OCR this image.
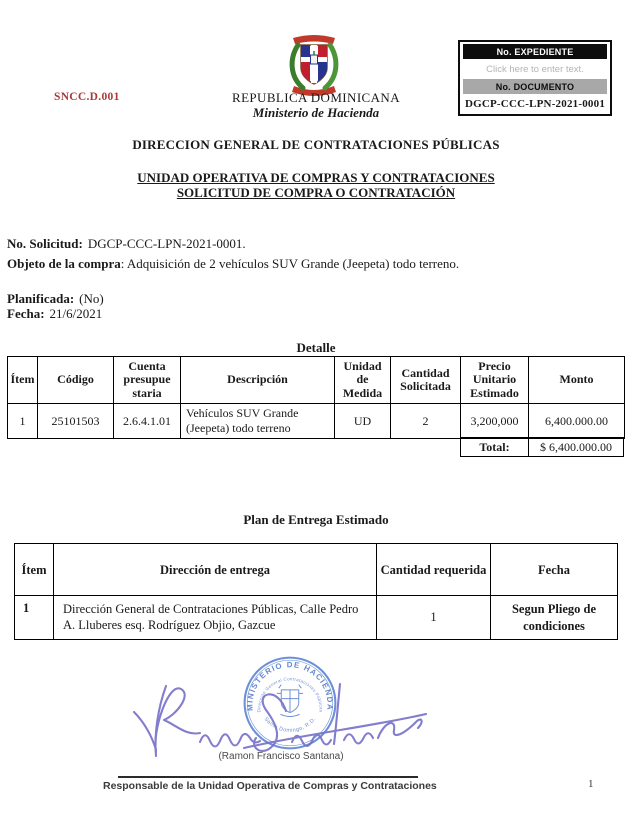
No. EXPEDIENTE
Click here to enter text.
No. DOCUMENTO
DGCP-CCC-LPN-2021-0001
SNCC.D.001	REPUBLICA DOMINICANA
Ministerio de Hacienda
DIRECCION GENERAL DE CONTRATACIONES PÚBLICAS
UNIDAD OPERATIVA DE COMPRAS Y CONTRATACIONES
SOLICITUD DE COMPRA O CONTRATACIÓN
No. Solicitud: DGCP-CCC-LPN-2021-0001.
Objeto de la compra: Adquisición de 2 vehículos SUV Grande (Jeepeta) todo terreno.
Planificada: (No)
Fecha: 21/6/2021
Detalle
Ítem	Código	Cuenta presupue staria	Descripción	Unidad de Medida	Cantidad Solicitada	Precio Unitario Estimado	Monto
1	25101503	2.6.4.1.01	Vehículos SUV Grande (Jeepeta) todo terreno	UD	2	3,200,000	6,400.000.00
Total:	$ 6,400.000.00
Plan de Entrega Estimado
Ítem	Dirección de entrega	Cantidad requerida	Fecha
1	Dirección General de Contrataciones Públicas, Calle Pedro A. Lluberes esq. Rodríguez Objio, Gazcue	1	Segun Pliego de condiciones
MINISTERIO DE HACIENDA
Dirección General Contrataciones Públicas
Santo Domingo, R.D.
(Ramon Francisco Santana)
Responsable de la Unidad Operativa de Compras y Contrataciones	1
